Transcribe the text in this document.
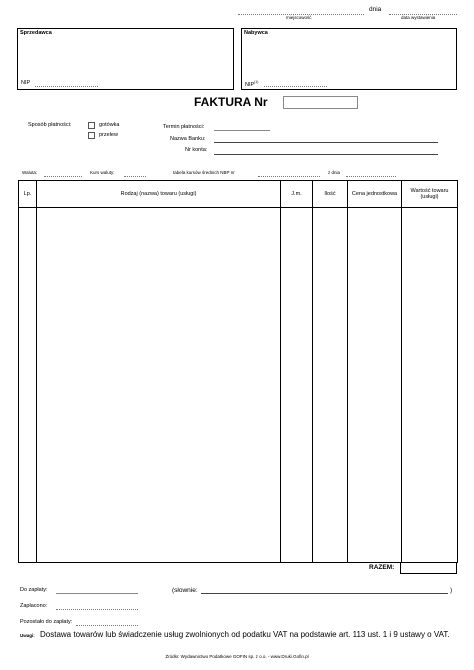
miejscowość
dnia
data wystawienia
Sprzedawca
NIP
Nabywca
NIP$^{(1)}$
FAKTURA Nr
Sposób płatności:	gotówka
przelew
Termin płatności:
Nazwa Banku:
Nr konta:
Waluta:	Kurs waluty:	tabela kursów średnich NBP nr	z dnia
Lp.	Rodzaj (nazwa) towaru (usługi)	J.m.	Ilość	Cena jednostkowa	Wartość towaru (usługi)

RAZEM:
Do zapłaty:	(słownie:	)
Zapłacono:
Pozostało do zapłaty:
Uwagi: Dostawa towarów lub świadczenie usług zwolnionych od podatku VAT na podstawie art. 113 ust. 1 i 9 ustawy o VAT.
Źródło: Wydawnictwo Podatkowe GOFIN sp. z o.o. - www.Druki.Gofin.pl
